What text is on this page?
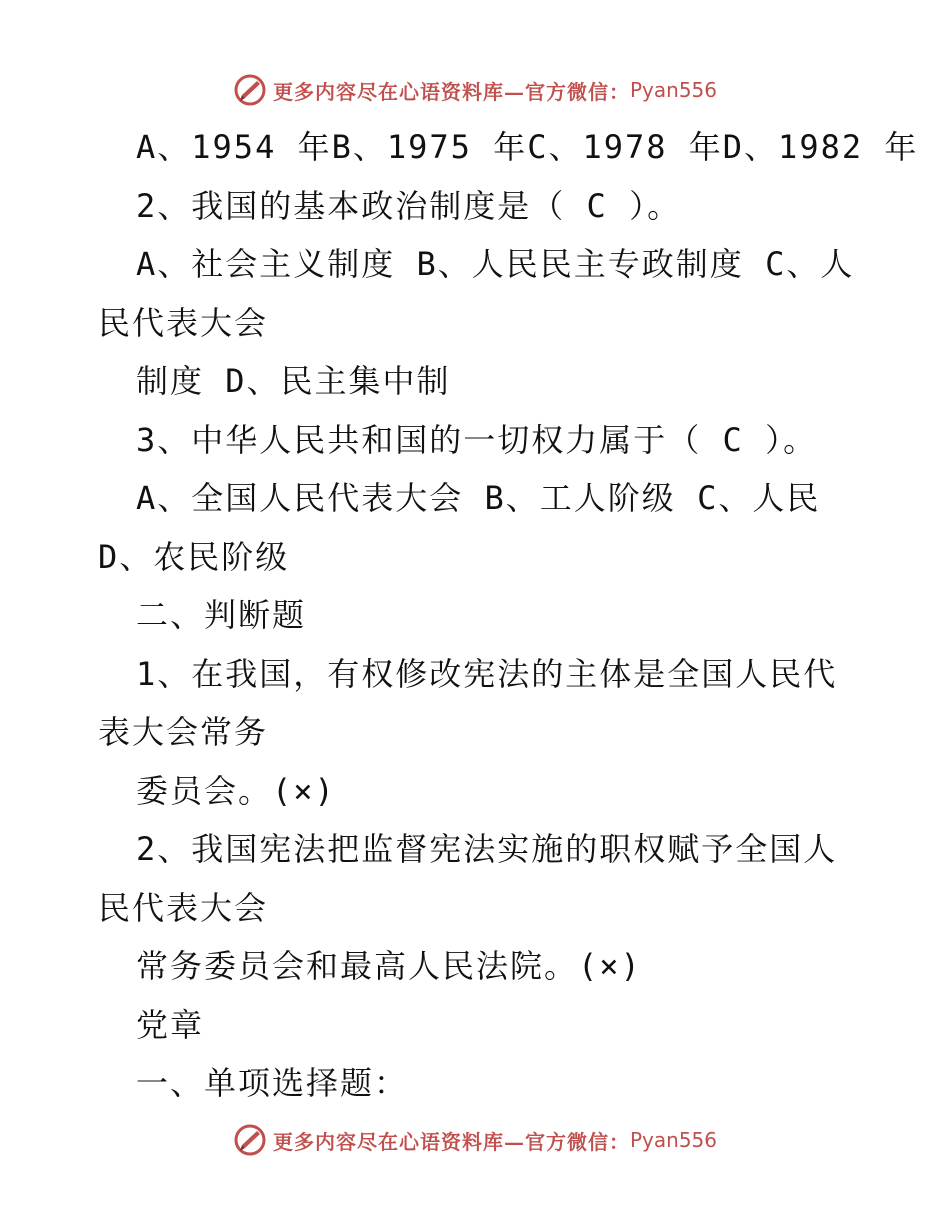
更多内容尽在心语资料库—官方微信： Pyan556
A、1954 年B、1975 年C、1978 年D、1982 年
2、我国的基本政治制度是（ C ）。
A、社会主义制度 B、人民民主专政制度 C、人
民代表大会
制度 D、民主集中制
3、中华人民共和国的一切权力属于（ C ）。
A、全国人民代表大会 B、工人阶级 C、人民
D、农民阶级
二、判断题
1、在我国，有权修改宪法的主体是全国人民代
表大会常务
委员会。(×)
2、我国宪法把监督宪法实施的职权赋予全国人
民代表大会
常务委员会和最高人民法院。(×)
党章
一、单项选择题：
更多内容尽在心语资料库—官方微信： Pyan556
